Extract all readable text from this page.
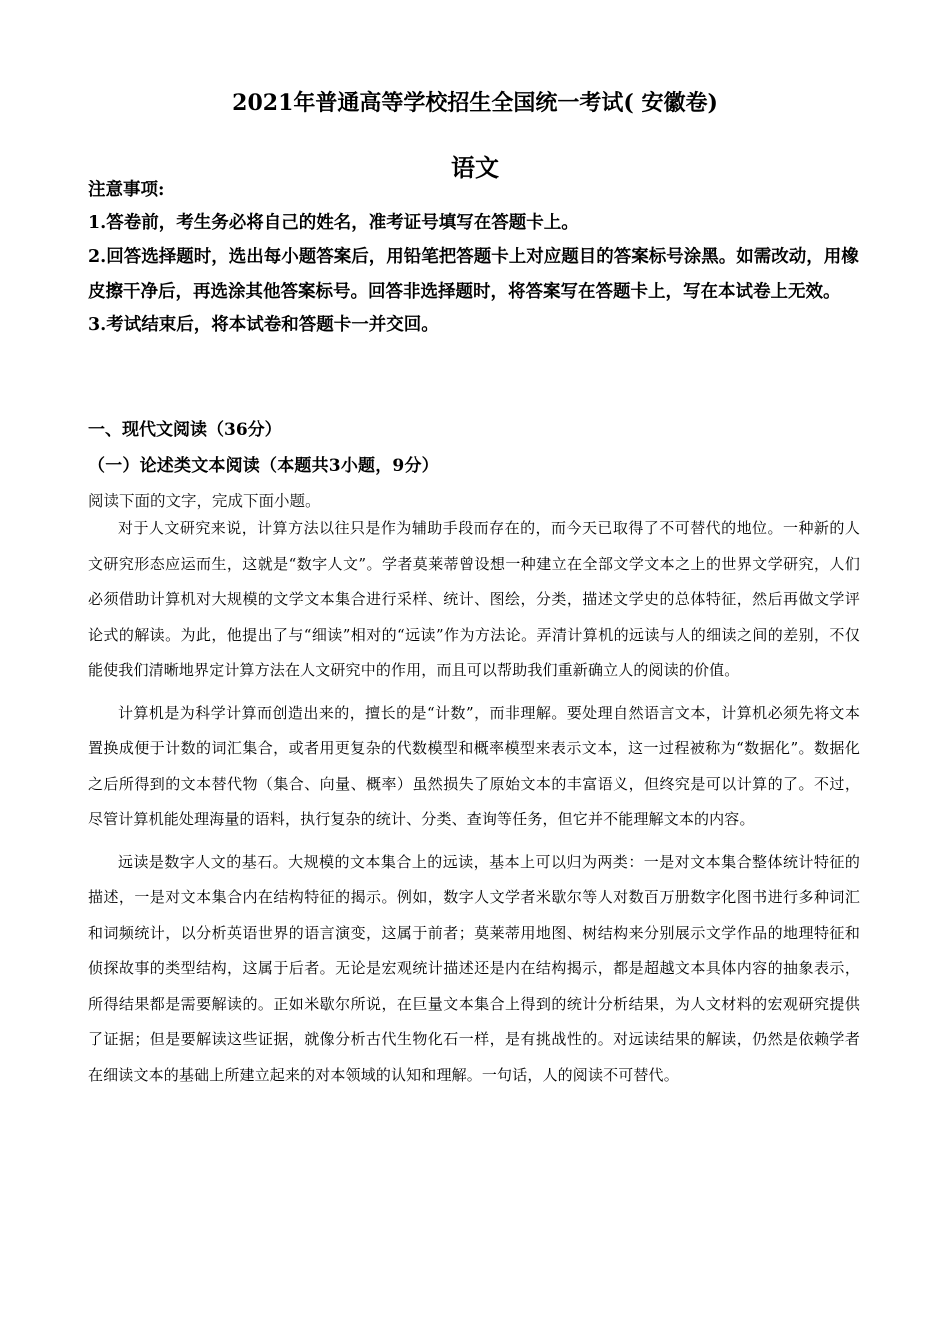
2021年普通高等学校招生全国统一考试( 安徽卷)
语文

注意事项:

1.答卷前，考生务必将自己的姓名，准考证号填写在答题卡上。

2.回答选择题时，选出每小题答案后，用铅笔把答题卡上对应题目的答案标号涂黑。如需改动，用橡皮擦干净后，再选涂其他答案标号。回答非选择题时，将答案写在答题卡上，写在本试卷上无效。

3.考试结束后，将本试卷和答题卡一并交回。

一、现代文阅读（36分）

（一）论述类文本阅读（本题共3小题，9分）

阅读下面的文字，完成下面小题。

对于人文研究来说，计算方法以往只是作为辅助手段而存在的，而今天已取得了不可替代的地位。一种新的人文研究形态应运而生，这就是“数字人文”。学者莫莱蒂曾设想一种建立在全部文学文本之上的世界文学研究，人们必须借助计算机对大规模的文学文本集合进行采样、统计、图绘，分类，描述文学史的总体特征，然后再做文学评论式的解读。为此，他提出了与“细读”相对的“远读”作为方法论。弄清计算机的远读与人的细读之间的差别，不仅能使我们清晰地界定计算方法在人文研究中的作用，而且可以帮助我们重新确立人的阅读的价值。

计算机是为科学计算而创造出来的，擅长的是“计数”，而非理解。要处理自然语言文本，计算机必须先将文本置换成便于计数的词汇集合，或者用更复杂的代数模型和概率模型来表示文本，这一过程被称为“数据化”。数据化之后所得到的文本替代物（集合、向量、概率）虽然损失了原始文本的丰富语义，但终究是可以计算的了。不过，尽管计算机能处理海量的语料，执行复杂的统计、分类、查询等任务，但它并不能理解文本的内容。

远读是数字人文的基石。大规模的文本集合上的远读，基本上可以归为两类：一是对文本集合整体统计特征的描述，一是对文本集合内在结构特征的揭示。例如，数字人文学者米歇尔等人对数百万册数字化图书进行多种词汇和词频统计，以分析英语世界的语言演变，这属于前者；莫莱蒂用地图、树结构来分别展示文学作品的地理特征和侦探故事的类型结构，这属于后者。无论是宏观统计描述还是内在结构揭示，都是超越文本具体内容的抽象表示，所得结果都是需要解读的。正如米歇尔所说，在巨量文本集合上得到的统计分析结果，为人文材料的宏观研究提供了证据；但是要解读这些证据，就像分析古代生物化石一样，是有挑战性的。对远读结果的解读，仍然是依赖学者在细读文本的基础上所建立起来的对本领域的认知和理解。一句话，人的阅读不可替代。
